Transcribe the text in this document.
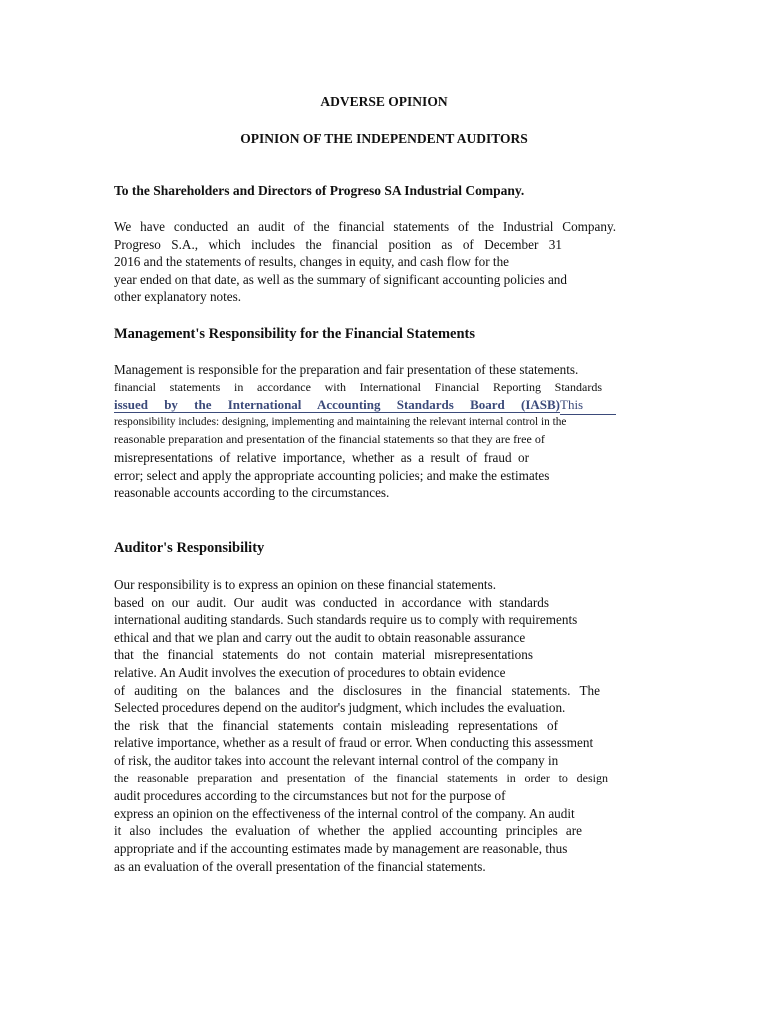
ADVERSE OPINION
OPINION OF THE INDEPENDENT AUDITORS

To the Shareholders and Directors of Progreso SA Industrial Company.

We have conducted an audit of the financial statements of the Industrial Company.
Progreso S.A., which includes the financial position as of December 31
2016 and the statements of results, changes in equity, and cash flow for the
year ended on that date, as well as the summary of significant accounting policies and
other explanatory notes.
Management's Responsibility for the Financial Statements
Management is responsible for the preparation and fair presentation of these statements.
financial statements in accordance with International Financial Reporting Standards
issued by the International Accounting Standards Board (IASB)This
responsibility includes: designing, implementing and maintaining the relevant internal control in the
reasonable preparation and presentation of the financial statements so that they are free of
misrepresentations of relative importance, whether as a result of fraud or
error; select and apply the appropriate accounting policies; and make the estimates
reasonable accounts according to the circumstances.
Auditor's Responsibility
Our responsibility is to express an opinion on these financial statements.
based on our audit. Our audit was conducted in accordance with standards
international auditing standards. Such standards require us to comply with requirements
ethical and that we plan and carry out the audit to obtain reasonable assurance
that the financial statements do not contain material misrepresentations
relative. An Audit involves the execution of procedures to obtain evidence
of auditing on the balances and the disclosures in the financial statements. The
Selected procedures depend on the auditor's judgment, which includes the evaluation.
the risk that the financial statements contain misleading representations of
relative importance, whether as a result of fraud or error. When conducting this assessment
of risk, the auditor takes into account the relevant internal control of the company in
the reasonable preparation and presentation of the financial statements in order to design
audit procedures according to the circumstances but not for the purpose of
express an opinion on the effectiveness of the internal control of the company. An audit
it also includes the evaluation of whether the applied accounting principles are
appropriate and if the accounting estimates made by management are reasonable, thus
as an evaluation of the overall presentation of the financial statements.
